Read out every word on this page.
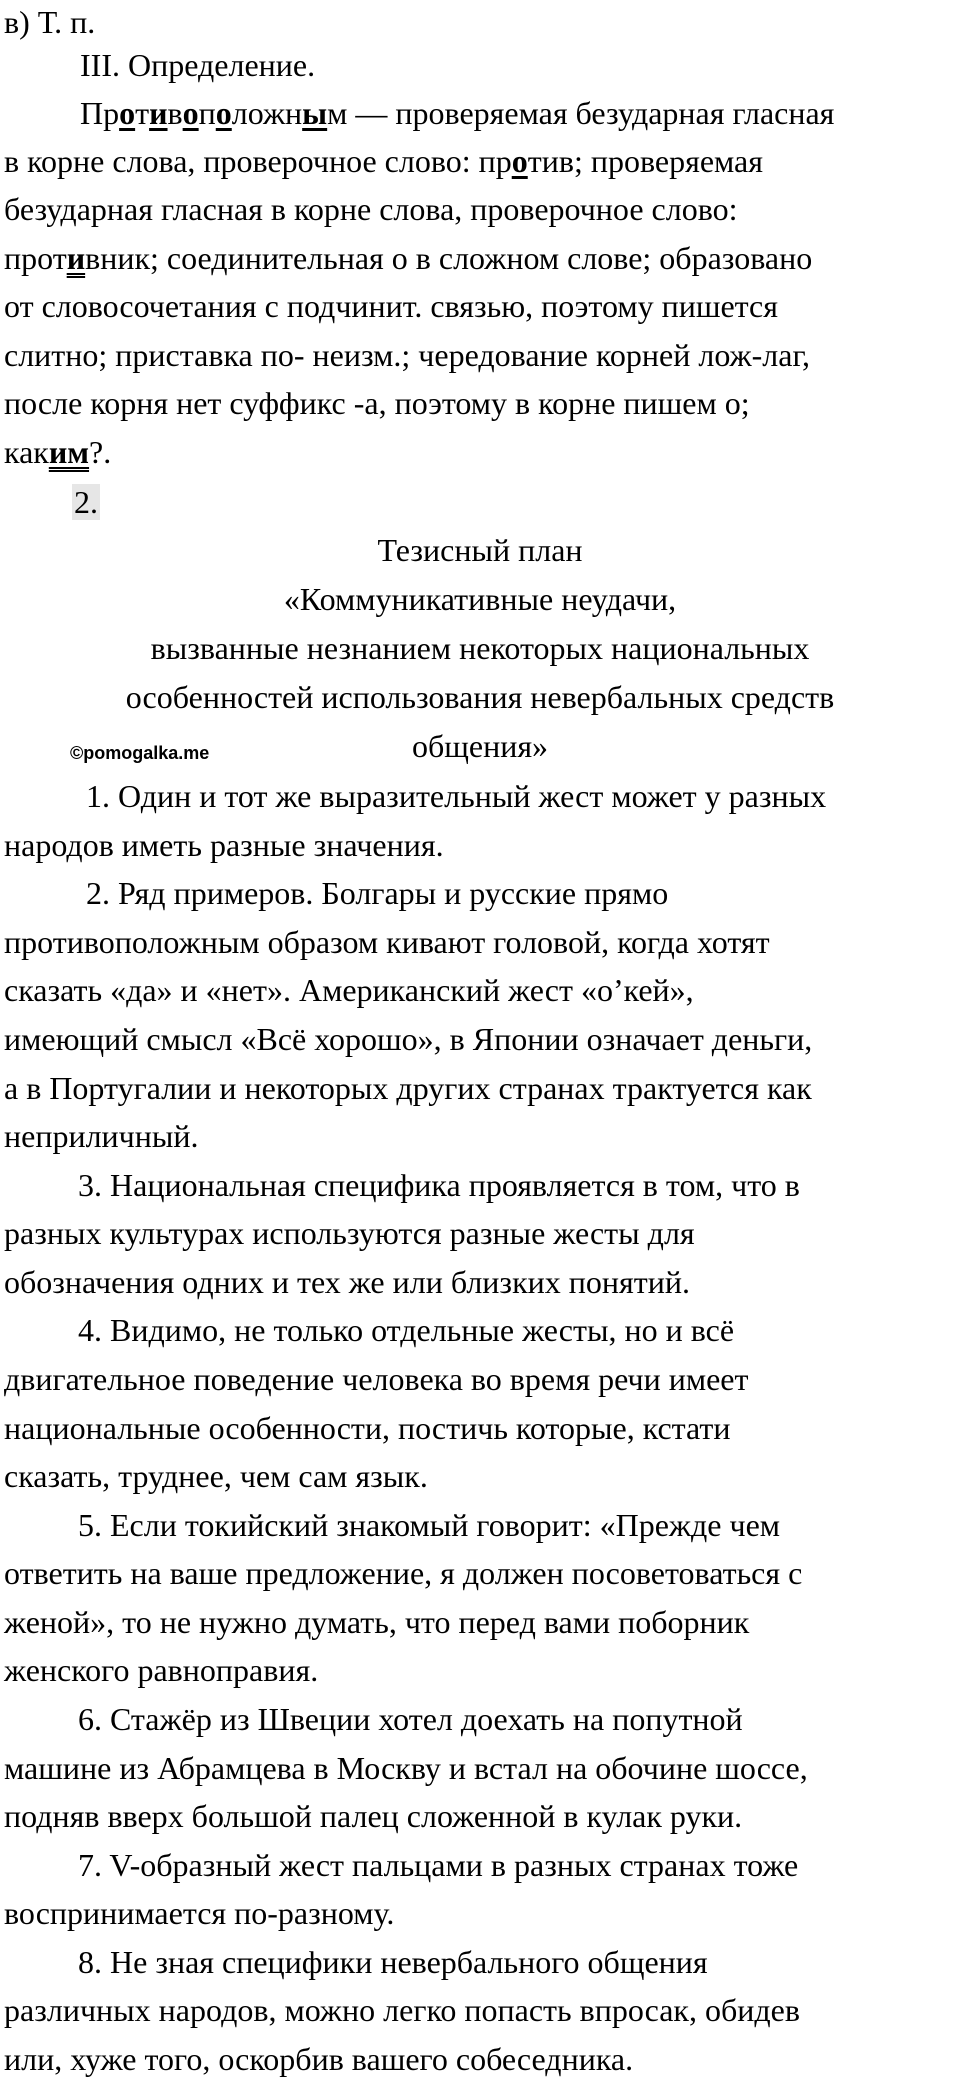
в) Т. п.
III. Определение.
Противоположным — проверяемая безударная гласная
в корне слова, проверочное слово: против; проверяемая
безударная гласная в корне слова, проверочное слово:
противник; соединительная о в сложном слове; образовано
от словосочетания с подчинит. связью, поэтому пишется
слитно; приставка по- неизм.; чередование корней лож-лаг,
после корня нет суффикс -а, поэтому в корне пишем о;
каким?.
2.
Тезисный план
«Коммуникативные неудачи,
вызванные незнанием некоторых национальных
особенностей использования невербальных средств
общения»
©pomogalka.me
1. Один и тот же выразительный жест может у разных
народов иметь разные значения.
2. Ряд примеров. Болгары и русские прямо
противоположным образом кивают головой, когда хотят
сказать «да» и «нет». Американский жест «о’кей»,
имеющий смысл «Всё хорошо», в Японии означает деньги,
а в Португалии и некоторых других странах трактуется как
неприличный.
3. Национальная специфика проявляется в том, что в
разных культурах используются разные жесты для
обозначения одних и тех же или близких понятий.
4. Видимо, не только отдельные жесты, но и всё
двигательное поведение человека во время речи имеет
национальные особенности, постичь которые, кстати
сказать, труднее, чем сам язык.
5. Если токийский знакомый говорит: «Прежде чем
ответить на ваше предложение, я должен посоветоваться с
женой», то не нужно думать, что перед вами поборник
женского равноправия.
6. Стажёр из Швеции хотел доехать на попутной
машине из Абрамцева в Москву и встал на обочине шоссе,
подняв вверх большой палец сложенной в кулак руки.
7. V-образный жест пальцами в разных странах тоже
воспринимается по-разному.
8. Не зная специфики невербального общения
различных народов, можно легко попасть впросак, обидев
или, хуже того, оскорбив вашего собеседника.
